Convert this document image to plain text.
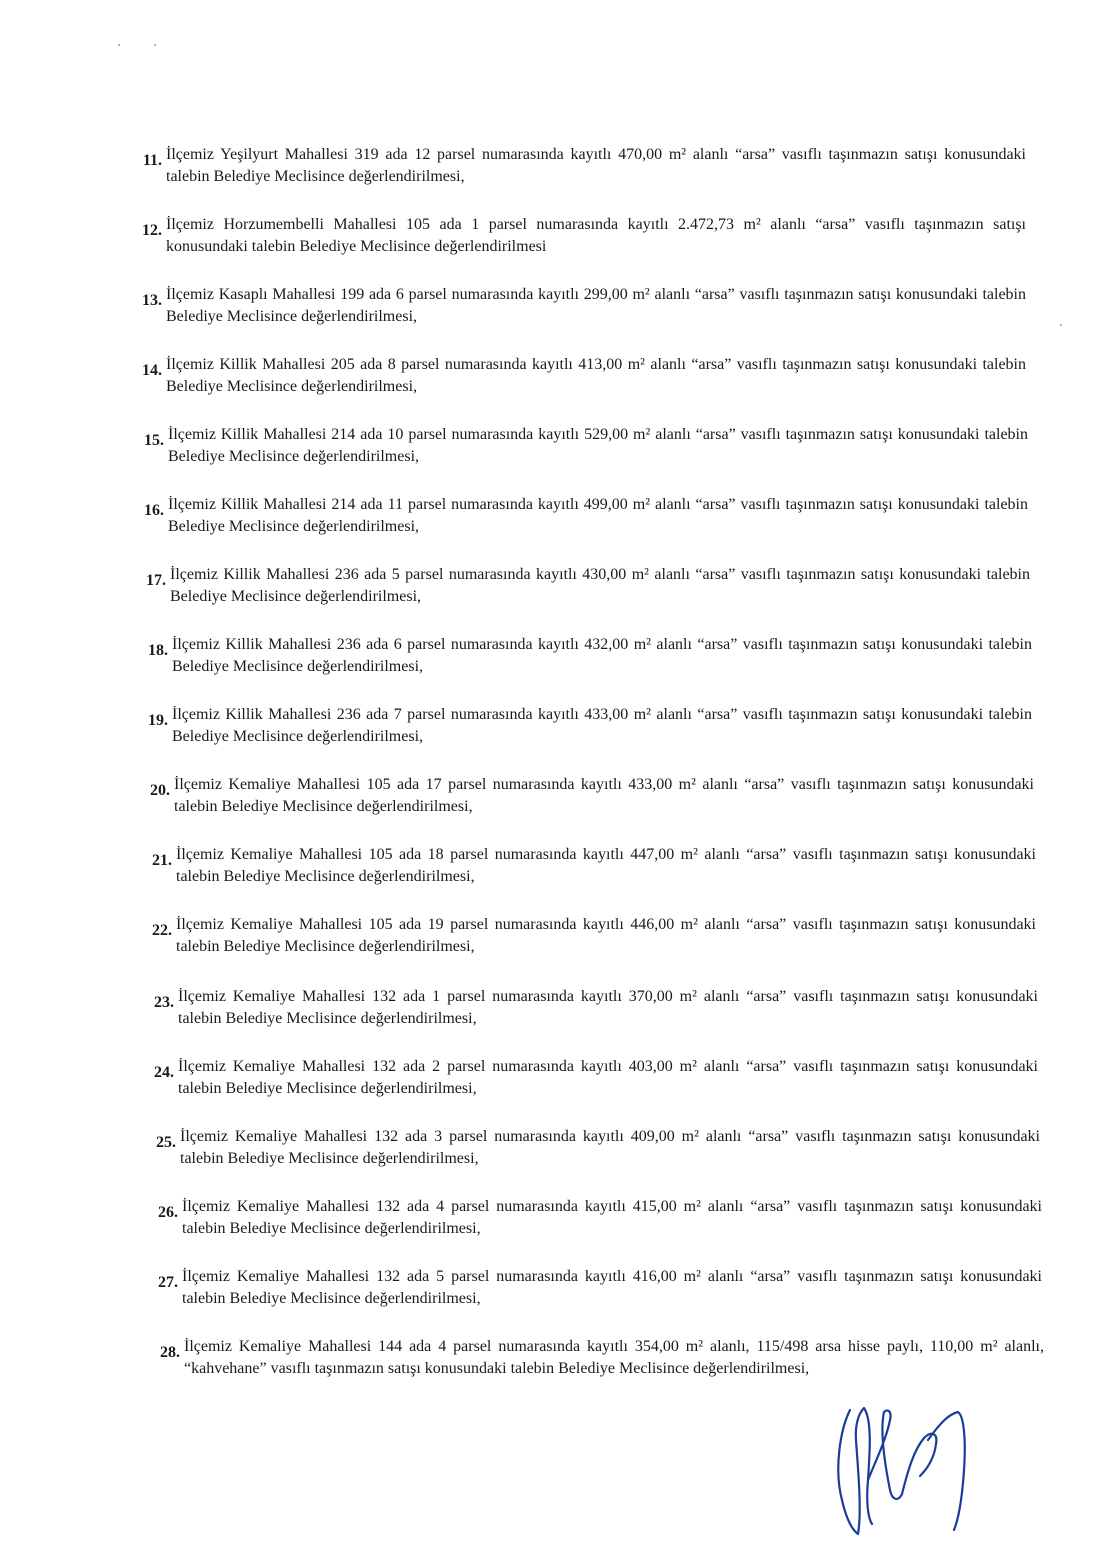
11. İlçemiz Yeşilyurt Mahallesi 319 ada 12 parsel numarasında kayıtlı 470,00 m² alanlı “arsa” vasıflı taşınmazın satışı konusundaki talebin Belediye Meclisince değerlendirilmesi,
12. İlçemiz Horzumembelli Mahallesi 105 ada 1 parsel numarasında kayıtlı 2.472,73 m² alanlı “arsa” vasıflı taşınmazın satışı konusundaki talebin Belediye Meclisince değerlendirilmesi
13. İlçemiz Kasaplı Mahallesi 199 ada 6 parsel numarasında kayıtlı 299,00 m² alanlı “arsa” vasıflı taşınmazın satışı konusundaki talebin Belediye Meclisince değerlendirilmesi,
14. İlçemiz Killik Mahallesi 205 ada 8 parsel numarasında kayıtlı 413,00 m² alanlı “arsa” vasıflı taşınmazın satışı konusundaki talebin Belediye Meclisince değerlendirilmesi,
15. İlçemiz Killik Mahallesi 214 ada 10 parsel numarasında kayıtlı 529,00 m² alanlı “arsa” vasıflı taşınmazın satışı konusundaki talebin Belediye Meclisince değerlendirilmesi,
16. İlçemiz Killik Mahallesi 214 ada 11 parsel numarasında kayıtlı 499,00 m² alanlı “arsa” vasıflı taşınmazın satışı konusundaki talebin Belediye Meclisince değerlendirilmesi,
17. İlçemiz Killik Mahallesi 236 ada 5 parsel numarasında kayıtlı 430,00 m² alanlı “arsa” vasıflı taşınmazın satışı konusundaki talebin Belediye Meclisince değerlendirilmesi,
18. İlçemiz Killik Mahallesi 236 ada 6 parsel numarasında kayıtlı 432,00 m² alanlı “arsa” vasıflı taşınmazın satışı konusundaki talebin Belediye Meclisince değerlendirilmesi,
19. İlçemiz Killik Mahallesi 236 ada 7 parsel numarasında kayıtlı 433,00 m² alanlı “arsa” vasıflı taşınmazın satışı konusundaki talebin Belediye Meclisince değerlendirilmesi,
20. İlçemiz Kemaliye Mahallesi 105 ada 17 parsel numarasında kayıtlı 433,00 m² alanlı “arsa” vasıflı taşınmazın satışı konusundaki talebin Belediye Meclisince değerlendirilmesi,
21. İlçemiz Kemaliye Mahallesi 105 ada 18 parsel numarasında kayıtlı 447,00 m² alanlı “arsa” vasıflı taşınmazın satışı konusundaki talebin Belediye Meclisince değerlendirilmesi,
22. İlçemiz Kemaliye Mahallesi 105 ada 19 parsel numarasında kayıtlı 446,00 m² alanlı “arsa” vasıflı taşınmazın satışı konusundaki talebin Belediye Meclisince değerlendirilmesi,
23. İlçemiz Kemaliye Mahallesi 132 ada 1 parsel numarasında kayıtlı 370,00 m² alanlı “arsa” vasıflı taşınmazın satışı konusundaki talebin Belediye Meclisince değerlendirilmesi,
24. İlçemiz Kemaliye Mahallesi 132 ada 2 parsel numarasında kayıtlı 403,00 m² alanlı “arsa” vasıflı taşınmazın satışı konusundaki talebin Belediye Meclisince değerlendirilmesi,
25. İlçemiz Kemaliye Mahallesi 132 ada 3 parsel numarasında kayıtlı 409,00 m² alanlı “arsa” vasıflı taşınmazın satışı konusundaki talebin Belediye Meclisince değerlendirilmesi,
26. İlçemiz Kemaliye Mahallesi 132 ada 4 parsel numarasında kayıtlı 415,00 m² alanlı “arsa” vasıflı taşınmazın satışı konusundaki talebin Belediye Meclisince değerlendirilmesi,
27. İlçemiz Kemaliye Mahallesi 132 ada 5 parsel numarasında kayıtlı 416,00 m² alanlı “arsa” vasıflı taşınmazın satışı konusundaki talebin Belediye Meclisince değerlendirilmesi,
28. İlçemiz Kemaliye Mahallesi 144 ada 4 parsel numarasında kayıtlı 354,00 m² alanlı, 115/498 arsa hisse paylı, 110,00 m² alanlı, “kahvehane” vasıflı taşınmazın satışı konusundaki talebin Belediye Meclisince değerlendirilmesi,
